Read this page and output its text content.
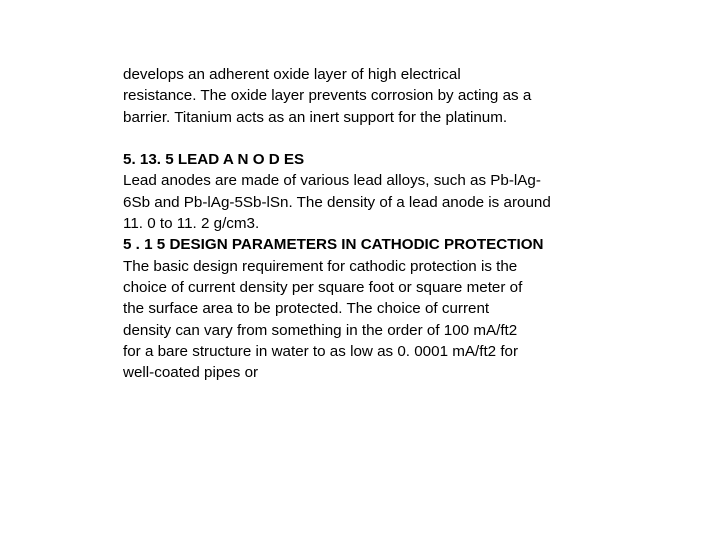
develops an adherent oxide layer of high electrical
resistance. The oxide layer prevents corrosion by acting as a
barrier. Titanium acts as an inert support for the platinum.
5. 13. 5 LEAD A N O D ES
Lead anodes are made of various lead alloys, such as Pb-lAg-
6Sb and Pb-lAg-5Sb-lSn. The density of a lead anode is around
11. 0 to 11. 2 g/cm3.
5 . 1 5 DESIGN PARAMETERS IN CATHODIC PROTECTION
The basic design requirement for cathodic protection is the
choice of current density per square foot or square meter of
the surface area to be protected. The choice of current
density can vary from something in the order of 100 mA/ft2
for a bare structure in water to as low as 0. 0001 mA/ft2 for
well-coated pipes or
